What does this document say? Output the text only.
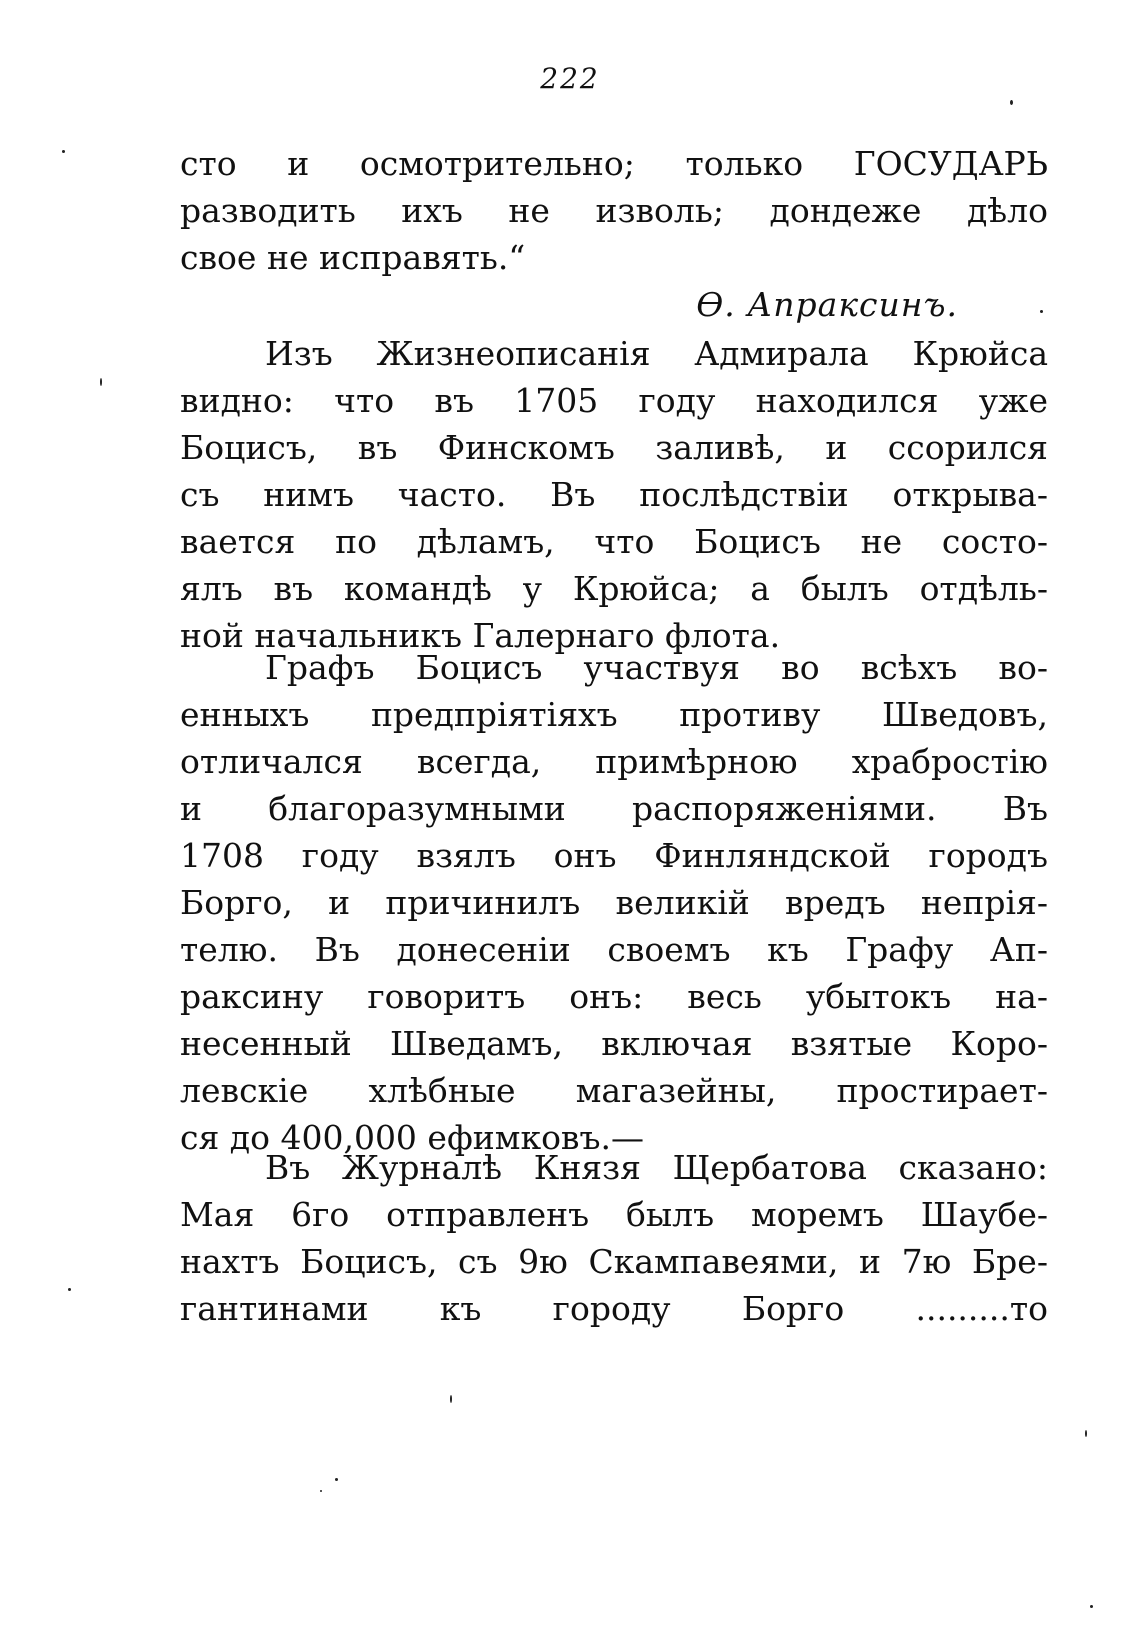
222
сто и осмотрительно; только ГОСУДАРЬ
разводить ихъ не изволь; дондеже дѣло
свое не исправять.“
Ѳ. Апраксинъ.
Изъ Жизнеописанія Адмирала Крюйса
видно: что въ 1705 году находился уже
Боцисъ, въ Финскомъ заливѣ, и ссорился
съ нимъ часто. Въ послѣдствіи открыва-
вается по дѣламъ, что Боцисъ не состо-
ялъ въ командѣ у Крюйса; а былъ отдѣль-
ной начальникъ Галернаго флота.
Графъ Боцисъ участвуя во всѣхъ во-
енныхъ предпріятіяхъ противу Шведовъ,
отличался всегда, примѣрною храбростію
и благоразумными распоряженіями. Въ
1708 году взялъ онъ Финляндской городъ
Борго, и причинилъ великій вредъ непрія-
телю. Въ донесеніи своемъ къ Графу Ап-
раксину говоритъ онъ: весь убытокъ на-
несенный Шведамъ, включая взятые Коро-
левскіе хлѣбные магазейны, простирает-
ся до 400,000 ефимковъ.—
Въ Журналѣ Князя Щербатова сказано:
Мая 6го отправленъ былъ моремъ Шаубе-
нахтъ Боцисъ, съ 9ю Скампавеями, и 7ю Бре-
гантинами къ городу Борго .........то
